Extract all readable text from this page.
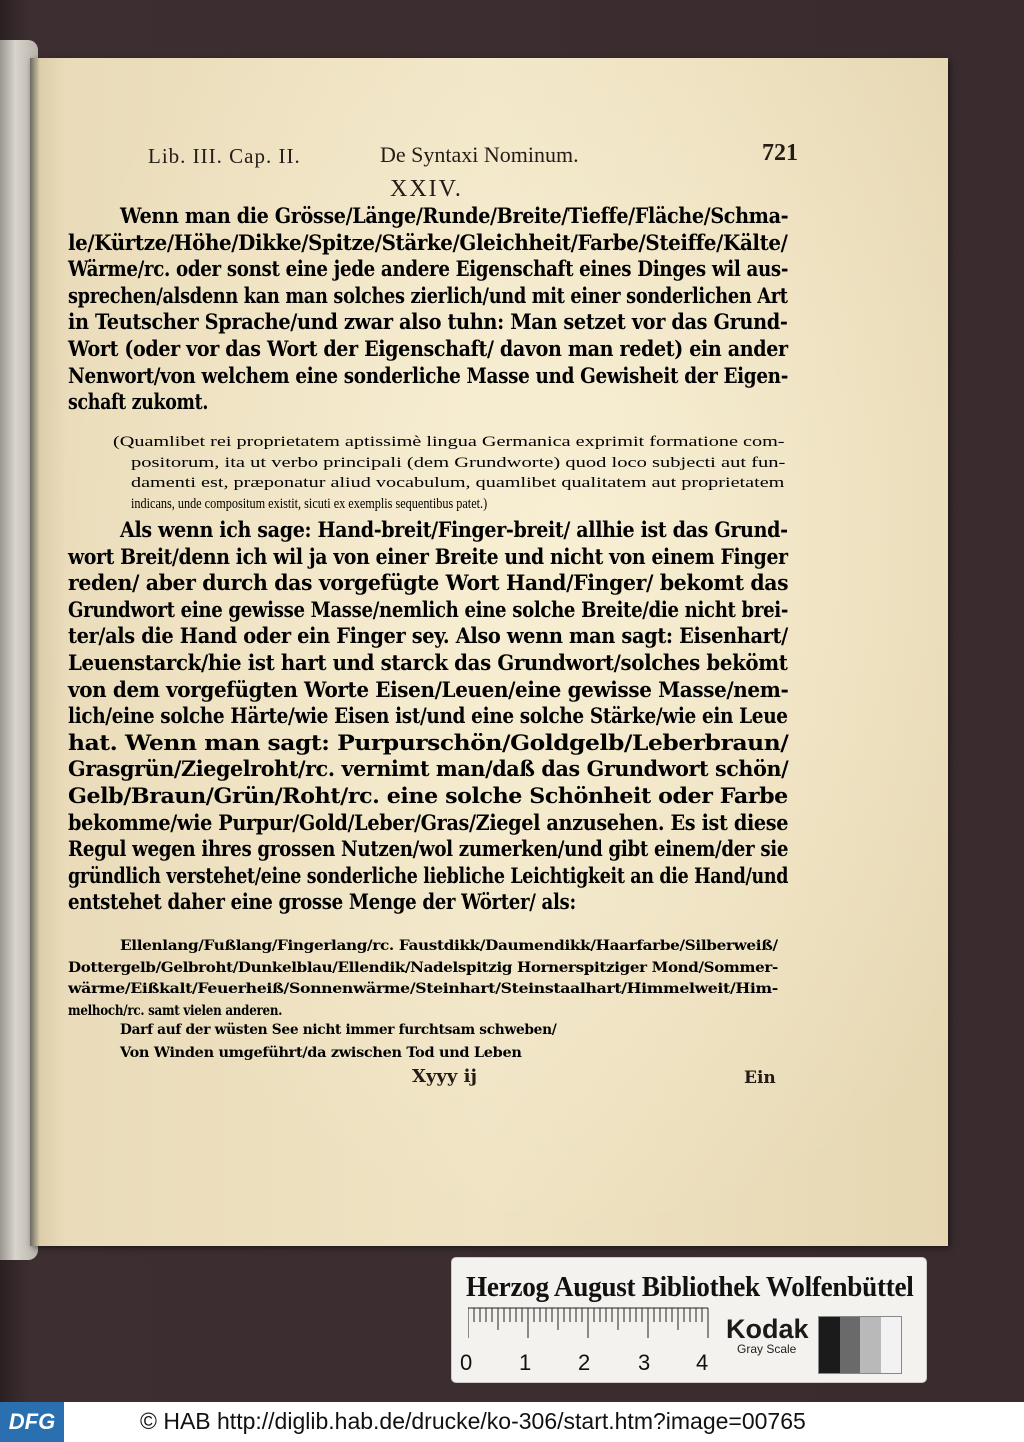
Lib. III. Cap. II.	De Syntaxi Nominum.	721
XXIV.
Wenn man die Grösse/Länge/Runde/Breite/Tieffe/Fläche/Schma-
le/Kürtze/Höhe/Dikke/Spitze/Stärke/Gleichheit/Farbe/Steiffe/Kälte/
Wärme/rc. oder sonst eine jede andere Eigenschaft eines Dinges wil aus-
sprechen/alsdenn kan man solches zierlich/und mit einer sonderlichen Art
in Teutscher Sprache/und zwar also tuhn: Man setzet vor das Grund-
Wort (oder vor das Wort der Eigenschaft/ davon man redet) ein ander
Nenwort/von welchem eine sonderliche Masse und Gewisheit der Eigen-
schaft zukomt.
(Quamlibet rei proprietatem aptissimè lingua Germanica exprimit formatione com-
positorum, ita ut verbo principali (dem Grundworte) quod loco subjecti aut fun-
damenti est, præponatur aliud vocabulum, quamlibet qualitatem aut proprietatem
indicans, unde compositum existit, sicuti ex exemplis sequentibus patet.)
Als wenn ich sage: Hand-breit/Finger-breit/ allhie ist das Grund-
wort Breit/denn ich wil ja von einer Breite und nicht von einem Finger
reden/ aber durch das vorgefügte Wort Hand/Finger/ bekomt das
Grundwort eine gewisse Masse/nemlich eine solche Breite/die nicht brei-
ter/als die Hand oder ein Finger sey. Also wenn man sagt: Eisenhart/
Leuenstarck/hie ist hart und starck das Grundwort/solches bekömt
von dem vorgefügten Worte Eisen/Leuen/eine gewisse Masse/nem-
lich/eine solche Härte/wie Eisen ist/und eine solche Stärke/wie ein Leue
hat. Wenn man sagt: Purpurschön/Goldgelb/Leberbraun/
Grasgrün/Ziegelroht/rc. vernimt man/daß das Grundwort schön/
Gelb/Braun/Grün/Roht/rc. eine solche Schönheit oder Farbe
bekomme/wie Purpur/Gold/Leber/Gras/Ziegel anzusehen. Es ist diese
Regul wegen ihres grossen Nutzen/wol zumerken/und gibt einem/der sie
gründlich verstehet/eine sonderliche liebliche Leichtigkeit an die Hand/und
entstehet daher eine grosse Menge der Wörter/ als:
Ellenlang/Fußlang/Fingerlang/rc. Faustdikk/Daumendikk/Haarfarbe/Silberweiß/
Dottergelb/Gelbroht/Dunkelblau/Ellendik/Nadelspitzig Hornerspitziger Mond/Sommer-
wärme/Eißkalt/Feuerheiß/Sonnenwärme/Steinhart/Steinstaalhart/Himmelweit/Him-
melhoch/rc. samt vielen anderen.
Darf auf der wüsten See nicht immer furchtsam schweben/
Von Winden umgeführt/da zwischen Tod und Leben
Xyyy ij	Ein
Herzog August Bibliothek Wolfenbüttel
0 1 2 3 4
Kodak
Gray Scale
DFG	© HAB http://diglib.hab.de/drucke/ko-306/start.htm?image=00765
